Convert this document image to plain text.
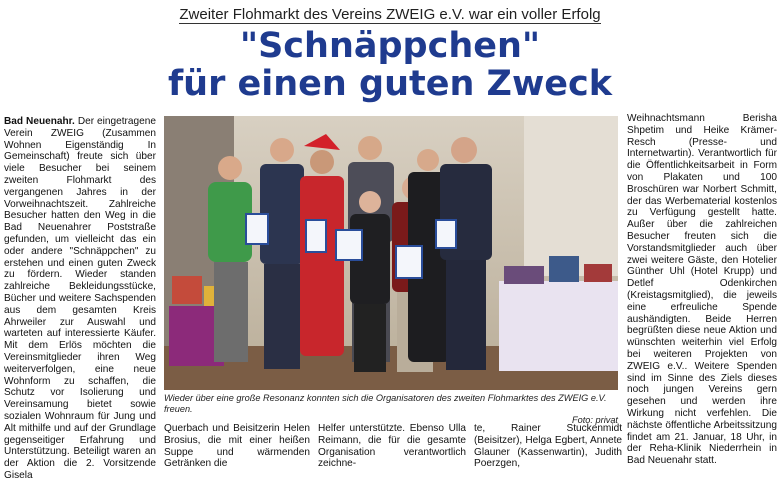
Zweiter Flohmarkt des Vereins ZWEIG e.V. war ein voller Erfolg
"Schnäppchen"
für einen guten Zweck

Bad Neuenahr. Der eingetragene Verein ZWEIG (Zusammen Wohnen Eigenständig In Gemeinschaft) freute sich über viele Besucher bei seinem zweiten Flohmarkt des vergangenen Jahres in der Vorweihnachtszeit. Zahlreiche Besucher hatten den Weg in die Bad Neuenahrer Poststraße gefunden, um vielleicht das ein oder andere "Schnäppchen" zu erstehen und einen guten Zweck zu fördern. Wieder standen zahlreiche Bekleidungsstücke, Bücher und weitere Sachspenden aus dem gesamten Kreis Ahrweiler zur Auswahl und warteten auf interessierte Käufer. Mit dem Erlös möchten die Vereinsmitglieder ihren Weg weiterverfolgen, eine neue Wohnform zu schaffen, die Schutz vor Isolierung und Vereinsamung bietet sowie sozialen Wohnraum für Jung und Alt mithilfe und auf der Grundlage gegenseitiger Erfahrung und Unterstützung. Beteiligt waren an der Aktion die 2. Vorsitzende Gisela

Wieder über eine große Resonanz konnten sich die Organisatoren des zweiten Flohmarktes des ZWEIG e.V. freuen.
Foto: privat

Querbach und Beisitzerin Helen Brosius, die mit einer heißen Suppe und wärmenden Getränken die

Helfer unterstützte. Ebenso Ulla Reimann, die für die gesamte Organisation verantwortlich zeichne-

te, Rainer Stuckenmidt (Beisitzer), Helga Egbert, Annete Glauner (Kassenwartin), Judith Poerzgen,

Weihnachtsmann Berisha Shpetim und Heike Krämer-Resch (Presse- und Internetwartin). Verantwortlich für die Öffentlichkeitsarbeit in Form von Plakaten und 100 Broschüren war Norbert Schmitt, der das Werbematerial kostenlos zu Verfügung gestellt hatte. Außer über die zahlreichen Besucher freuten sich die Vorstandsmitglieder auch über zwei weitere Gäste, den Hotelier Günther Uhl (Hotel Krupp) und Detlef Odenkirchen (Kreistagsmitglied), die jeweils eine erfreuliche Spende aushändigten. Beide Herren begrüßten diese neue Aktion und wünschten weiterhin viel Erfolg bei weiteren Projekten von ZWEIG e.V.. Weitere Spenden sind im Sinne des Ziels dieses noch jungen Vereins gern gesehen und werden ihre Wirkung nicht verfehlen. Die nächste öffentliche Arbeitssitzung findet am 21. Januar, 18 Uhr, in der Reha-Klinik Niederrhein in Bad Neuenahr statt.
